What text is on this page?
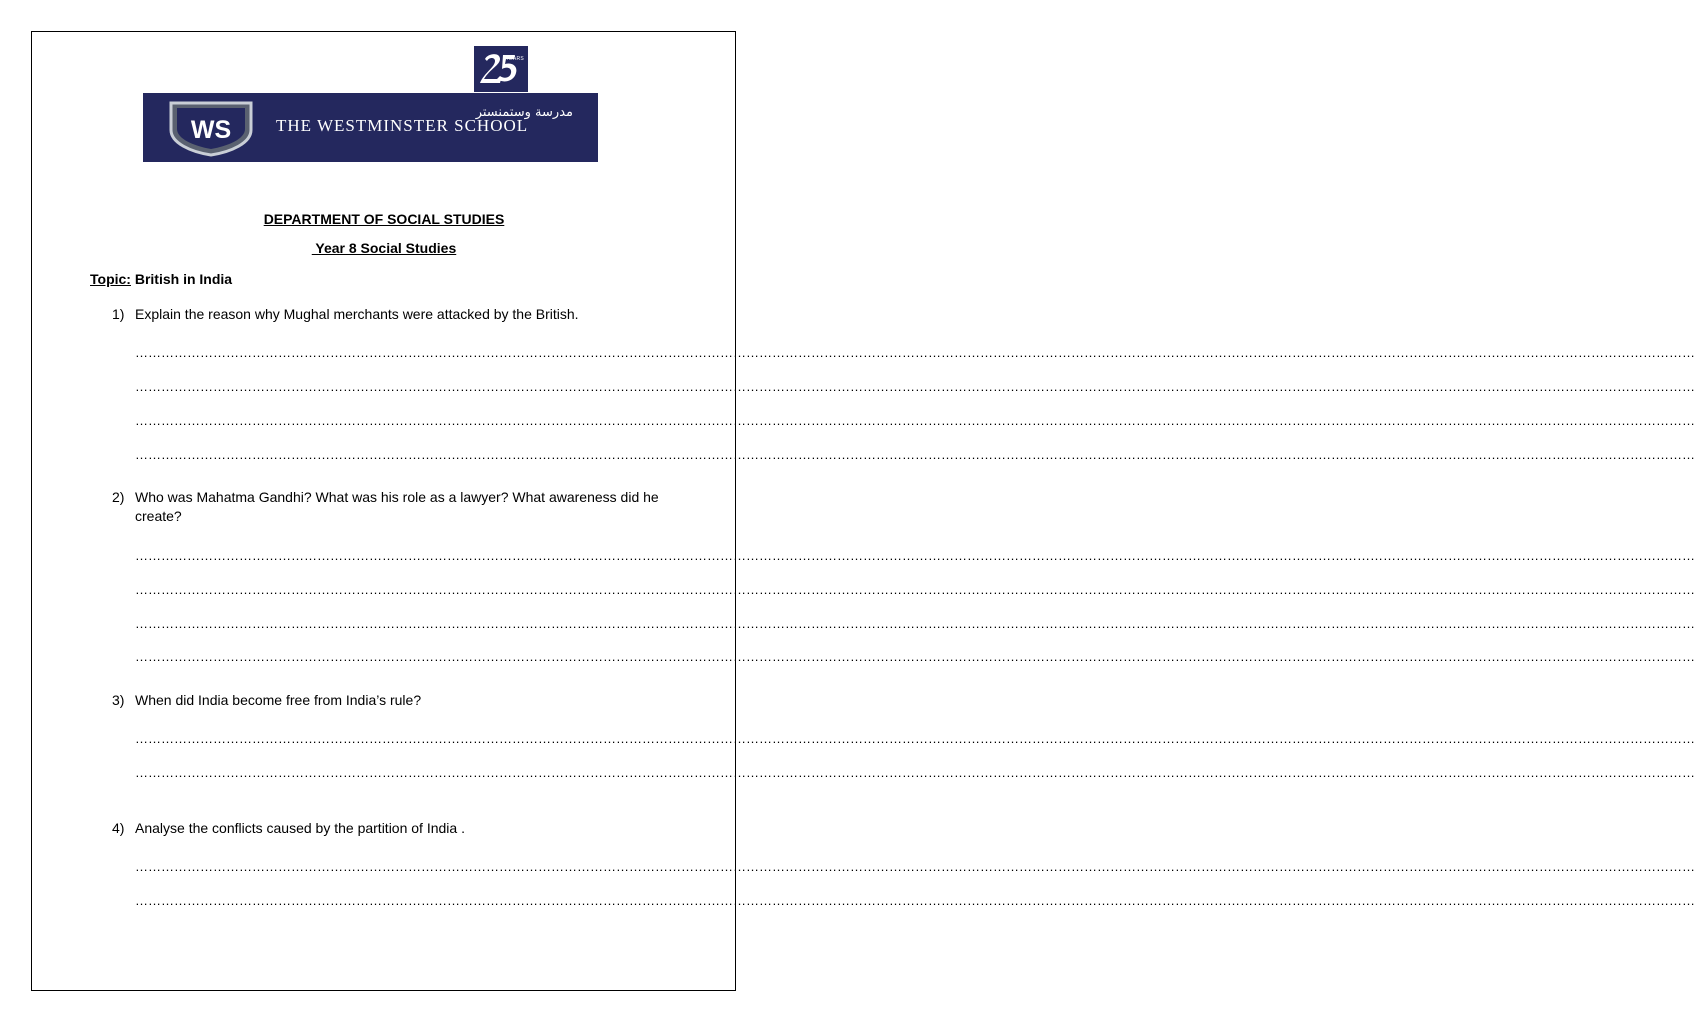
YEARS
WS
مدرسة وستمنستر
THE WESTMINSTER SCHOOL
DEPARTMENT OF SOCIAL STUDIES
Year 8 Social Studies
Topic: British in India
1) Explain the reason why Mughal merchants were attacked by the British.
………………………………………………………………………………………………………………………………………………………………………………………………………………………………………………………………………………………………………………………………
………………………………………………………………………………………………………………………………………………………………………………………………………………………………………………………………………………………………………………………………
………………………………………………………………………………………………………………………………………………………………………………………………………………………………………………………………………………………………………………………………
………………………………………………………………………………………………………………………………………………………………………………………………………………………………………………………………………………………………………………………………
2) Who was Mahatma Gandhi? What was his role as a lawyer? What awareness did he create?
………………………………………………………………………………………………………………………………………………………………………………………………………………………………………………………………………………………………………………………………
………………………………………………………………………………………………………………………………………………………………………………………………………………………………………………………………………………………………………………………………
………………………………………………………………………………………………………………………………………………………………………………………………………………………………………………………………………………………………………………………………
………………………………………………………………………………………………………………………………………………………………………………………………………………………………………………………………………………………………………………………………
3) When did India become free from India’s rule?
………………………………………………………………………………………………………………………………………………………………………………………………………………………………………………………………………………………………………………………………
………………………………………………………………………………………………………………………………………………………………………………………………………………………………………………………………………………………………………………………………
4) Analyse the conflicts caused by the partition of India .
………………………………………………………………………………………………………………………………………………………………………………………………………………………………………………………………………………………………………………………………
………………………………………………………………………………………………………………………………………………………………………………………………………………………………………………………………………………………………………………………………
